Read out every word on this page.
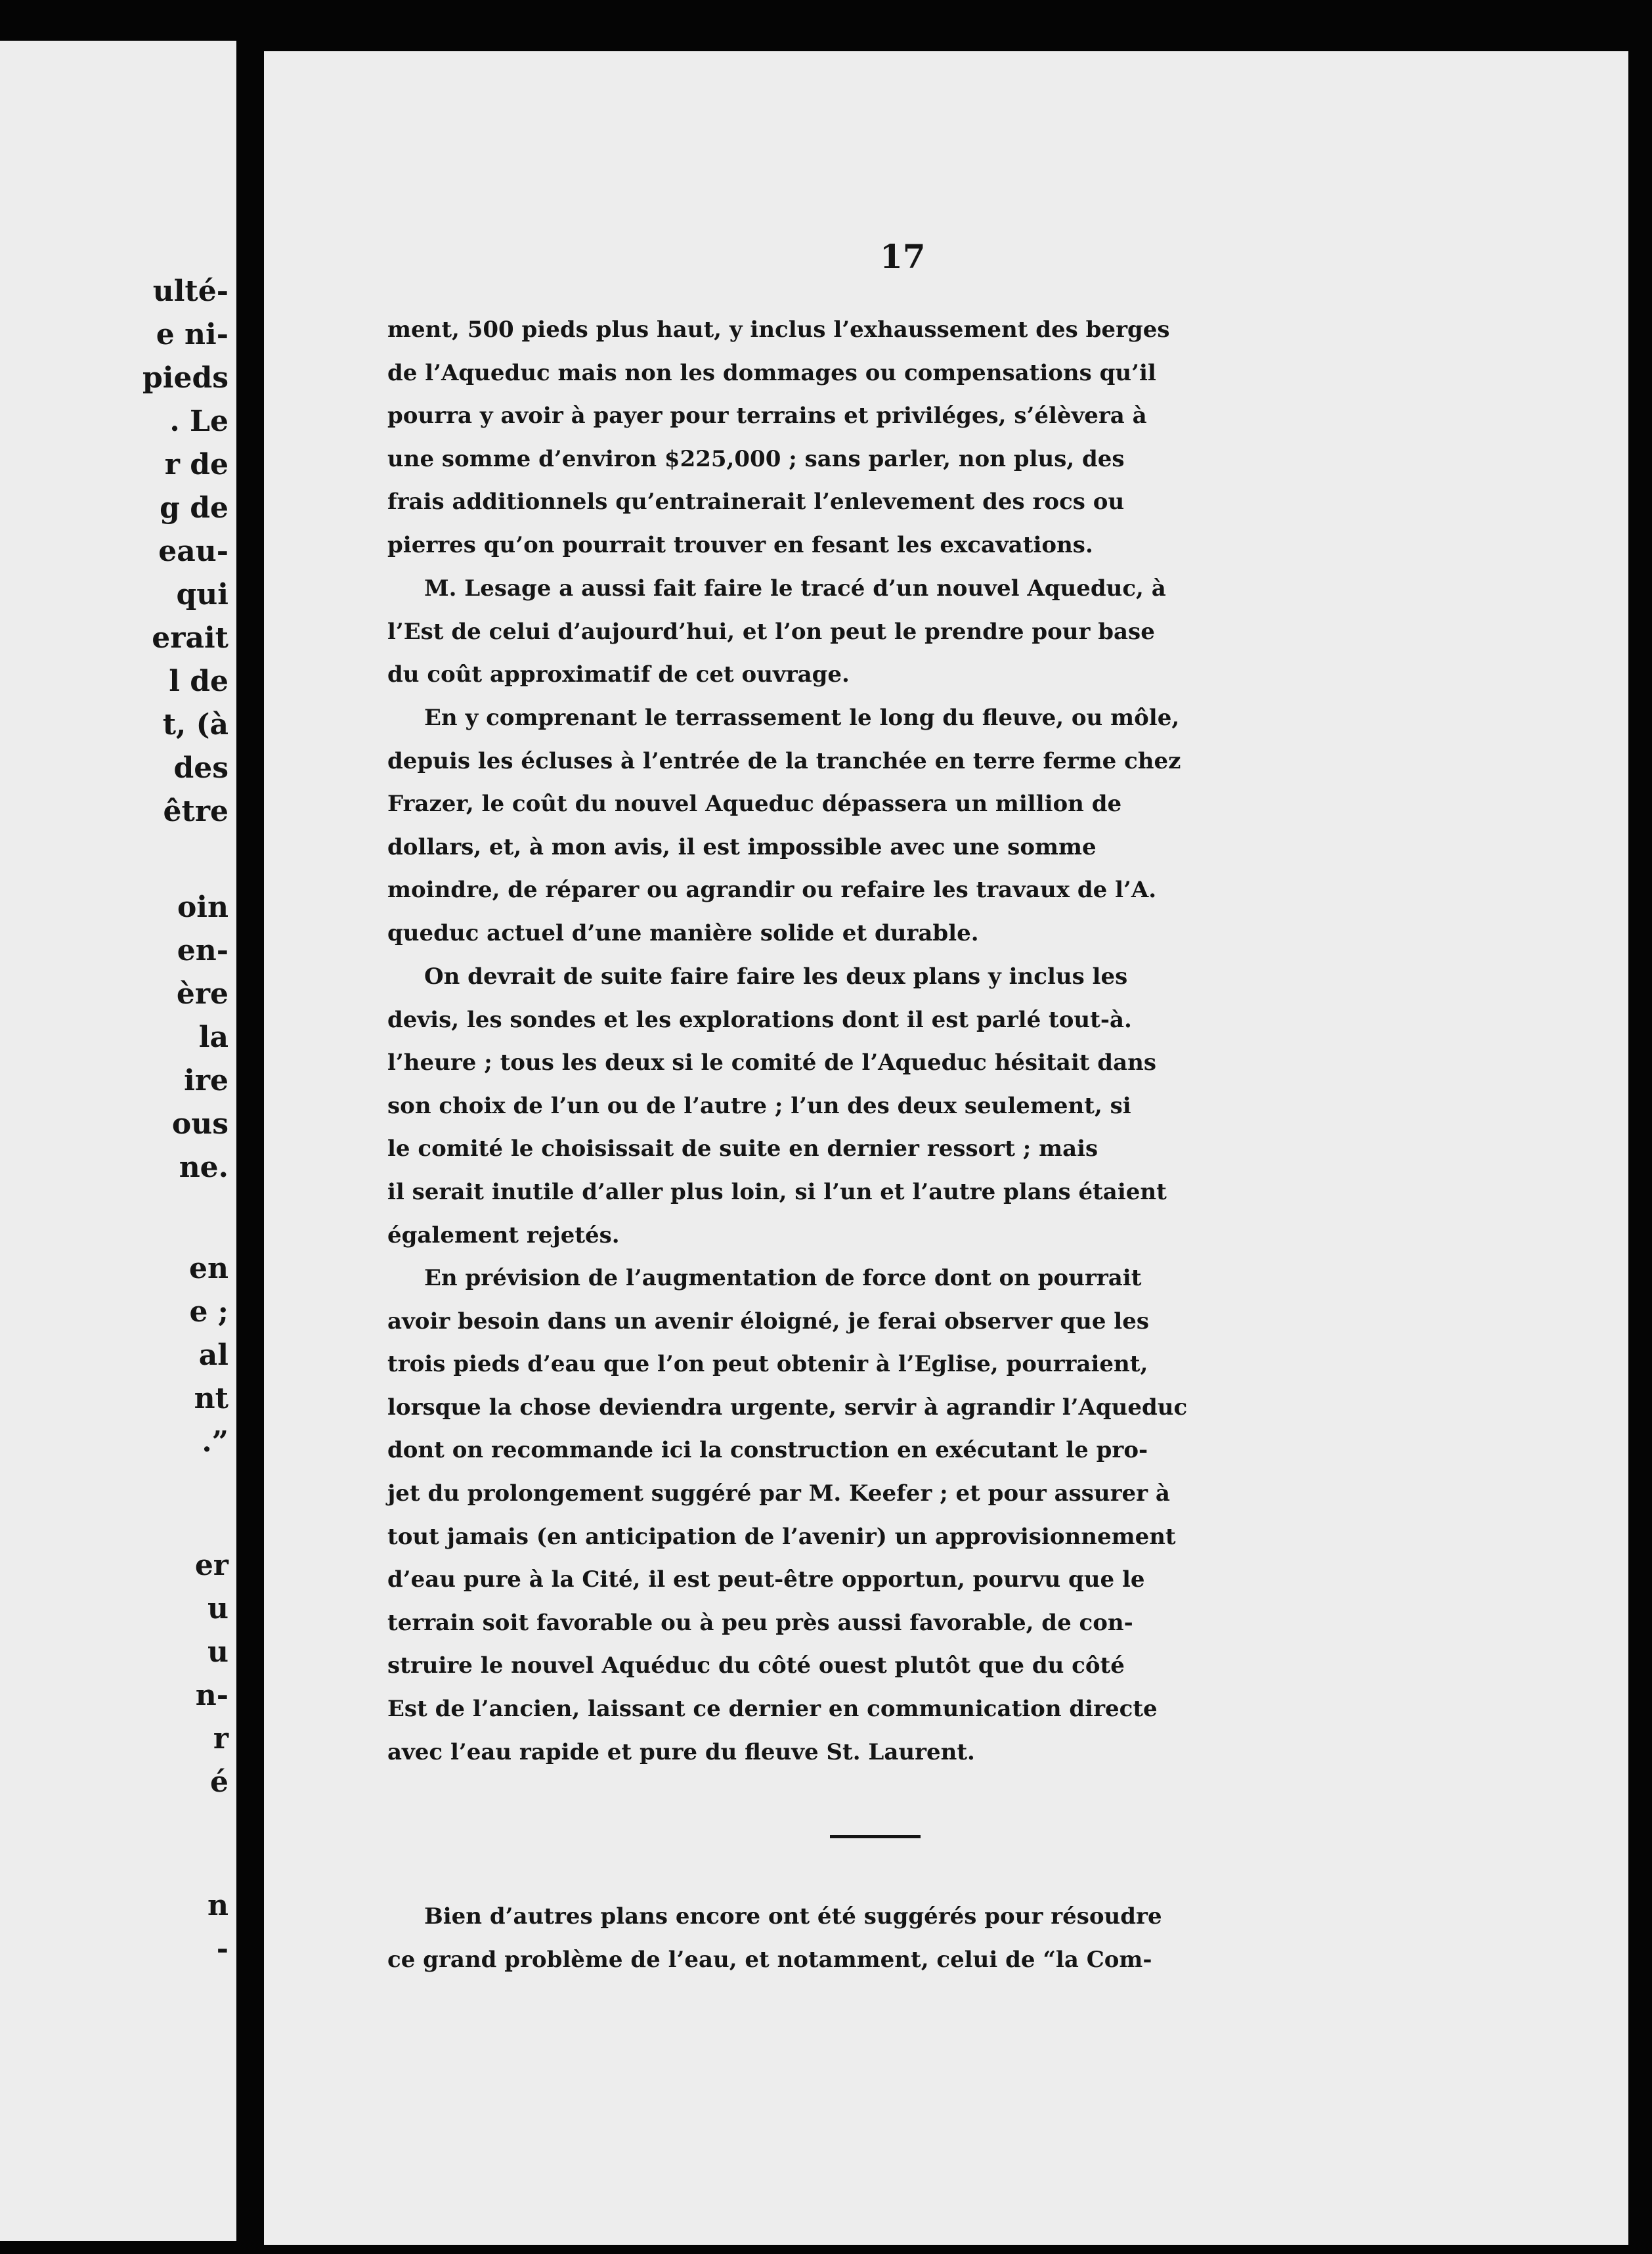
ulté-

e ni-

pieds

. Le

r de

g de

eau-

qui

erait

l de

t, (à

des

être

oin

en-

ère

la

ire

ous

ne.

en

e ;

al

nt

.”

er

u

u

n-

r

é

n

-

17

ment, 500 pieds plus haut, y inclus l’exhaussement des berges
de l’Aqueduc mais non les dommages ou compensations qu’il
pourra y avoir à payer pour terrains et priviléges, s’élèvera à
une somme d’environ $225,000 ; sans parler, non plus, des
frais additionnels qu’entrainerait l’enlevement des rocs ou
pierres qu’on pourrait trouver en fesant les excavations.

M. Lesage a aussi fait faire le tracé d’un nouvel Aqueduc, à
l’Est de celui d’aujourd’hui, et l’on peut le prendre pour base
du coût approximatif de cet ouvrage.

En y comprenant le terrassement le long du fleuve, ou môle,
depuis les écluses à l’entrée de la tranchée en terre ferme chez
Frazer, le coût du nouvel Aqueduc dépassera un million de
dollars, et, à mon avis, il est impossible avec une somme
moindre, de réparer ou agrandir ou refaire les travaux de l’A.
queduc actuel d’une manière solide et durable.

On devrait de suite faire faire les deux plans y inclus les
devis, les sondes et les explorations dont il est parlé tout-à.
l’heure ; tous les deux si le comité de l’Aqueduc hésitait dans
son choix de l’un ou de l’autre ; l’un des deux seulement, si
le comité le choisissait de suite en dernier ressort ; mais
il serait inutile d’aller plus loin, si l’un et l’autre plans étaient
également rejetés.

En prévision de l’augmentation de force dont on pourrait
avoir besoin dans un avenir éloigné, je ferai observer que les
trois pieds d’eau que l’on peut obtenir à l’Eglise, pourraient,
lorsque la chose deviendra urgente, servir à agrandir l’Aqueduc
dont on recommande ici la construction en exécutant le pro-
jet du prolongement suggéré par M. Keefer ; et pour assurer à
tout jamais (en anticipation de l’avenir) un approvisionnement
d’eau pure à la Cité, il est peut-être opportun, pourvu que le
terrain soit favorable ou à peu près aussi favorable, de con-
struire le nouvel Aquéduc du côté ouest plutôt que du côté
Est de l’ancien, laissant ce dernier en communication directe
avec l’eau rapide et pure du fleuve St. Laurent.

Bien d’autres plans encore ont été suggérés pour résoudre
ce grand problème de l’eau, et notamment, celui de “la Com-
